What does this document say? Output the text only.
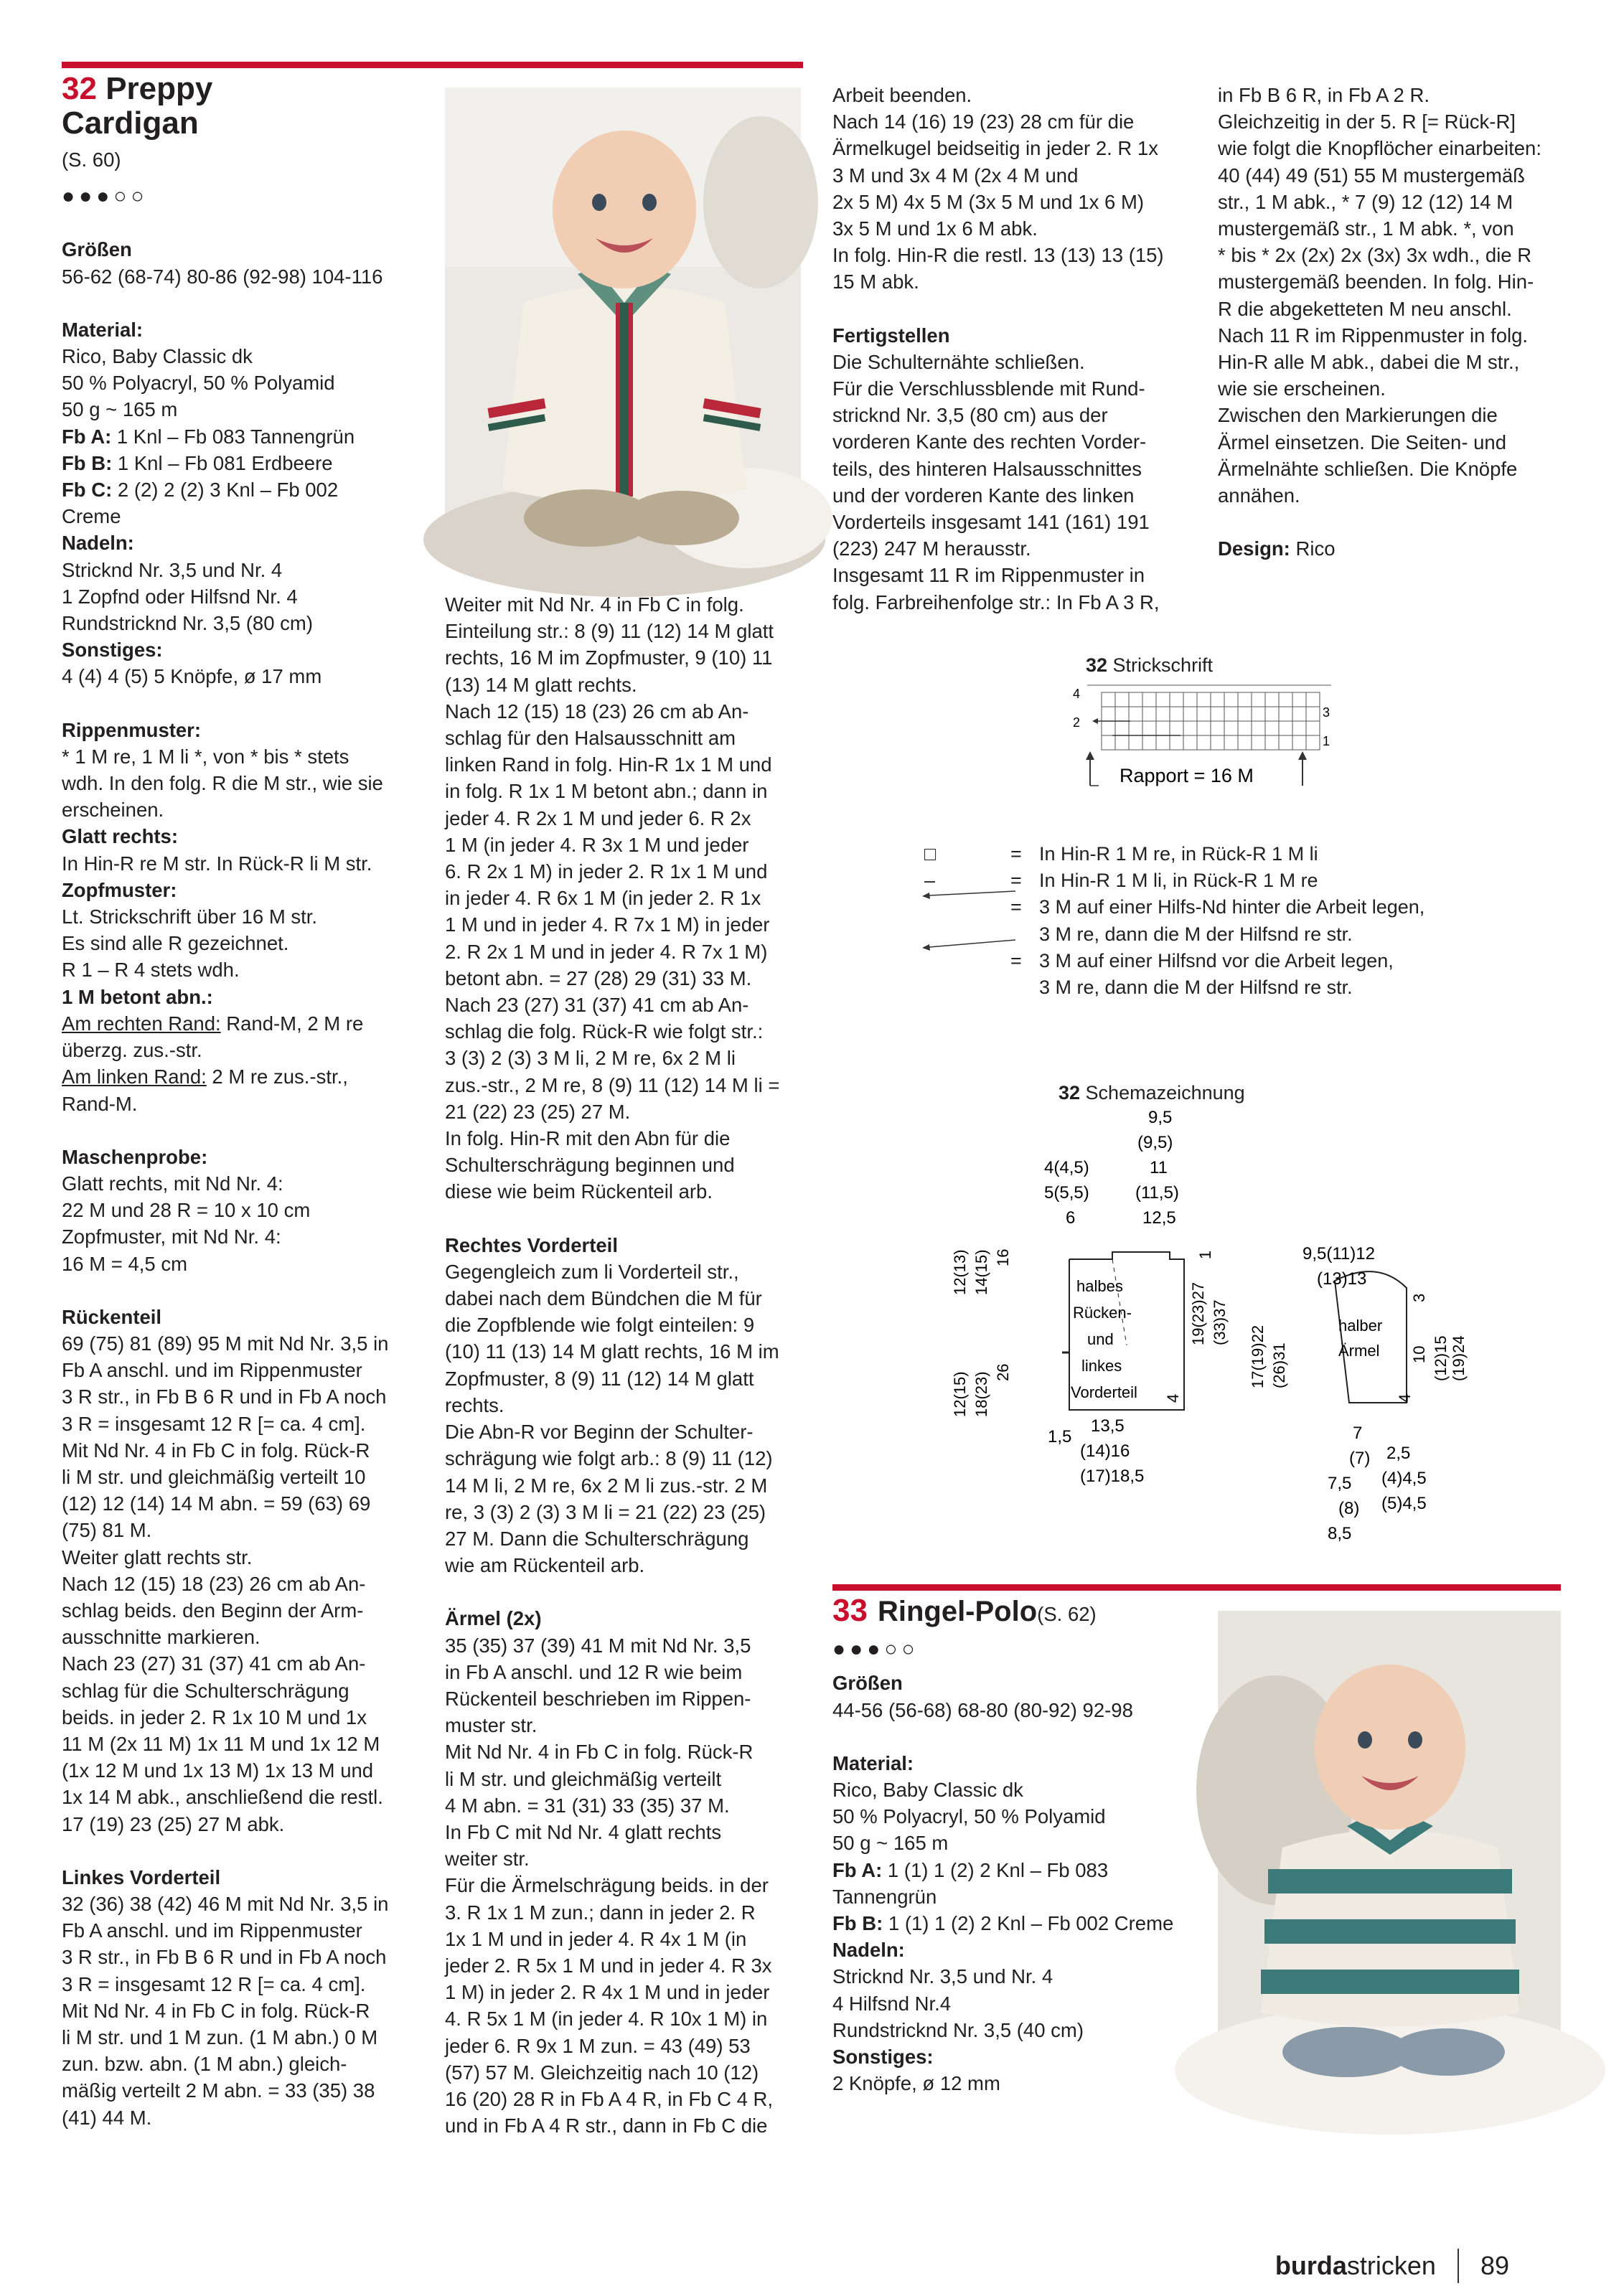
32 Preppy
Cardigan

(S. 60)

●●●○○

Größen

56-62 (68-74) 80-86 (92-98) 104-116

Material:

Rico, Baby Classic dk

50 % Polyacryl, 50 % Polyamid

50 g ~ 165 m

Fb A: 1 Knl – Fb 083 Tannengrün

Fb B: 1 Knl – Fb 081 Erdbeere

Fb C: 2 (2) 2 (2) 3 Knl – Fb 002

Creme

Nadeln:

Stricknd Nr. 3,5 und Nr. 4

1 Zopfnd oder Hilfsnd Nr. 4

Rundstricknd Nr. 3,5 (80 cm)

Sonstiges:

4 (4) 4 (5) 5 Knöpfe, ø 17 mm

Rippenmuster:

* 1 M re, 1 M li *, von * bis * stets

wdh. In den folg. R die M str., wie sie

erscheinen.

Glatt rechts:

In Hin-R re M str. In Rück-R li M str.

Zopfmuster:

Lt. Strickschrift über 16 M str.

Es sind alle R gezeichnet.

R 1 – R 4 stets wdh.

1 M betont abn.:

Am rechten Rand: Rand-M, 2 M re

überzg. zus.-str.

Am linken Rand: 2 M re zus.-str.,

Rand-M.

Maschenprobe:

Glatt rechts, mit Nd Nr. 4:

22 M und 28 R = 10 x 10 cm

Zopfmuster, mit Nd Nr. 4:

16 M = 4,5 cm

Rückenteil

69 (75) 81 (89) 95 M mit Nd Nr. 3,5 in

Fb A anschl. und im Rippenmuster

3 R str., in Fb B 6 R und in Fb A noch

3 R = insgesamt 12 R [= ca. 4 cm].

Mit Nd Nr. 4 in Fb C in folg. Rück-R

li M str. und gleichmäßig verteilt 10

(12) 12 (14) 14 M abn. = 59 (63) 69

(75) 81 M.

Weiter glatt rechts str.

Nach 12 (15) 18 (23) 26 cm ab An-

schlag beids. den Beginn der Arm-

ausschnitte markieren.

Nach 23 (27) 31 (37) 41 cm ab An-

schlag für die Schulterschrägung

beids. in jeder 2. R 1x 10 M und 1x

11 M (2x 11 M) 1x 11 M und 1x 12 M

(1x 12 M und 1x 13 M) 1x 13 M und

1x 14 M abk., anschließend die restl.

17 (19) 23 (25) 27 M abk.

Linkes Vorderteil

32 (36) 38 (42) 46 M mit Nd Nr. 3,5 in

Fb A anschl. und im Rippenmuster

3 R str., in Fb B 6 R und in Fb A noch

3 R = insgesamt 12 R [= ca. 4 cm].

Mit Nd Nr. 4 in Fb C in folg. Rück-R

li M str. und 1 M zun. (1 M abn.) 0 M

zun. bzw. abn. (1 M abn.) gleich-

mäßig verteilt 2 M abn. = 33 (35) 38

(41) 44 M.

Weiter mit Nd Nr. 4 in Fb C in folg.

Einteilung str.: 8 (9) 11 (12) 14 M glatt

rechts, 16 M im Zopfmuster, 9 (10) 11

(13) 14 M glatt rechts.

Nach 12 (15) 18 (23) 26 cm ab An-

schlag für den Halsausschnitt am

linken Rand in folg. Hin-R 1x 1 M und

in folg. R 1x 1 M betont abn.; dann in

jeder 4. R 2x 1 M und jeder 6. R 2x

1 M (in jeder 4. R 3x 1 M und jeder

6. R 2x 1 M) in jeder 2. R 1x 1 M und

in jeder 4. R 6x 1 M (in jeder 2. R 1x

1 M und in jeder 4. R 7x 1 M) in jeder

2. R 2x 1 M und in jeder 4. R 7x 1 M)

betont abn. = 27 (28) 29 (31) 33 M.

Nach 23 (27) 31 (37) 41 cm ab An-

schlag die folg. Rück-R wie folgt str.:

3 (3) 2 (3) 3 M li, 2 M re, 6x 2 M li

zus.-str., 2 M re, 8 (9) 11 (12) 14 M li =

21 (22) 23 (25) 27 M.

In folg. Hin-R mit den Abn für die

Schulterschrägung beginnen und

diese wie beim Rückenteil arb.

Rechtes Vorderteil

Gegengleich zum li Vorderteil str.,

dabei nach dem Bündchen die M für

die Zopfblende wie folgt einteilen: 9

(10) 11 (13) 14 M glatt rechts, 16 M im

Zopfmuster, 8 (9) 11 (12) 14 M glatt

rechts.

Die Abn-R vor Beginn der Schulter-

schrägung wie folgt arb.: 8 (9) 11 (12)

14 M li, 2 M re, 6x 2 M li zus.-str. 2 M

re, 3 (3) 2 (3) 3 M li = 21 (22) 23 (25)

27 M. Dann die Schulterschrägung

wie am Rückenteil arb.

Ärmel (2x)

35 (35) 37 (39) 41 M mit Nd Nr. 3,5

in Fb A anschl. und 12 R wie beim

Rückenteil beschrieben im Rippen-

muster str.

Mit Nd Nr. 4 in Fb C in folg. Rück-R

li M str. und gleichmäßig verteilt

4 M abn. = 31 (31) 33 (35) 37 M.

In Fb C mit Nd Nr. 4 glatt rechts

weiter str.

Für die Ärmelschrägung beids. in der

3. R 1x 1 M zun.; dann in jeder 2. R

1x 1 M und in jeder 4. R 4x 1 M (in

jeder 2. R 5x 1 M und in jeder 4. R 3x

1 M) in jeder 2. R 4x 1 M und in jeder

4. R 5x 1 M (in jeder 4. R 10x 1 M) in

jeder 6. R 9x 1 M zun. = 43 (49) 53

(57) 57 M. Gleichzeitig nach 10 (12)

16 (20) 28 R in Fb A 4 R, in Fb C 4 R,

und in Fb A 4 R str., dann in Fb C die

Arbeit beenden.

Nach 14 (16) 19 (23) 28 cm für die

Ärmelkugel beidseitig in jeder 2. R 1x

3 M und 3x 4 M (2x 4 M und

2x 5 M) 4x 5 M (3x 5 M und 1x 6 M)

3x 5 M und 1x 6 M abk.

In folg. Hin-R die restl. 13 (13) 13 (15)

15 M abk.

Fertigstellen

Die Schulternähte schließen.

Für die Verschlussblende mit Rund-

stricknd Nr. 3,5 (80 cm) aus der

vorderen Kante des rechten Vorder-

teils, des hinteren Halsausschnittes

und der vorderen Kante des linken

Vorderteils insgesamt 141 (161) 191

(223) 247 M herausstr.

Insgesamt 11 R im Rippenmuster in

folg. Farbreihenfolge str.: In Fb A 3 R,

in Fb B 6 R, in Fb A 2 R.

Gleichzeitig in der 5. R [= Rück-R]

wie folgt die Knopflöcher einarbeiten:

40 (44) 49 (51) 55 M mustergemäß

str., 1 M abk., * 7 (9) 12 (12) 14 M

mustergemäß str., 1 M abk. *, von

* bis * 2x (2x) 2x (3x) 3x wdh., die R

mustergemäß beenden. In folg. Hin-

R die abgeketteten M neu anschl.

Nach 11 R im Rippenmuster in folg.

Hin-R alle M abk., dabei die M str.,

wie sie erscheinen.

Zwischen den Markierungen die

Ärmel einsetzen. Die Seiten- und

Ärmelnähte schließen. Die Knöpfe

annähen.

Design: Rico

32 Strickschrift
4
2
3
1
Rapport = 16 M
□	= In Hin-R 1 M re, in Rück-R 1 M li
–	= In Hin-R 1 M li, in Rück-R 1 M re
= 3 M auf einer Hilfs-Nd hinter die Arbeit legen,
3 M re, dann die M der Hilfsnd re str.
= 3 M auf einer Hilfsnd vor die Arbeit legen,
3 M re, dann die M der Hilfsnd re str.
32 Schemazeichnung
9,5
(9,5)
4(4,5)	11
5(5,5)	(11,5)
6	12,5
halbes
Rücken-
und
linkes
Vorderteil
12(15) 18(23) 26
12(13) 14(15) 16
19(23)27 (33)37
1
4
1,5
13,5
(14)16
(17)18,5
9,5(11)12
(13)13
halber
Ärmel
17(19)22 (26)31	10 (12)15 (19)24
3
4
7
(7)
7,5
(8)
8,5
2,5
(4)4,5
(5)4,5
33 Ringel-Polo (S. 62)

●●●○○

Größen

44-56 (56-68) 68-80 (80-92) 92-98

Material:

Rico, Baby Classic dk

50 % Polyacryl, 50 % Polyamid

50 g ~ 165 m

Fb A: 1 (1) 1 (2) 2 Knl – Fb 083

Tannengrün

Fb B: 1 (1) 1 (2) 2 Knl – Fb 002 Creme

Nadeln:

Stricknd Nr. 3,5 und Nr. 4

4 Hilfsnd Nr.4

Rundstricknd Nr. 3,5 (40 cm)

Sonstiges:

2 Knöpfe, ø 12 mm

burdastricken 89
